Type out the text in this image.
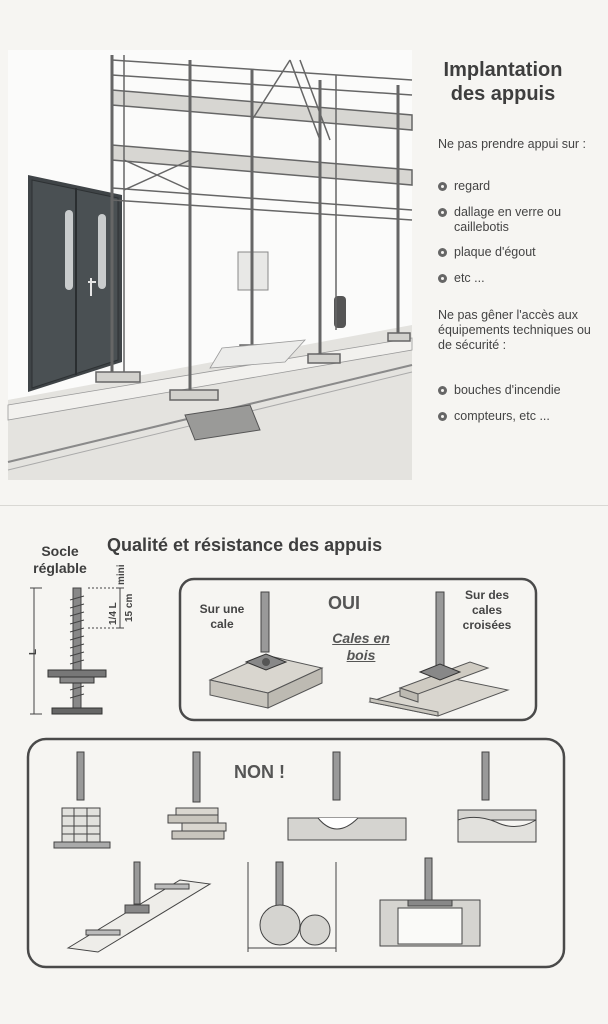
Implantation des appuis
Ne pas prendre appui sur :
regard
dallage en verre ou caillebotis
plaque d'égout
etc ...
Ne pas gêner l'accès aux équipements techniques ou de sécurité :
bouches d'incendie
compteurs, etc ...
Qualité et résistance des appuis
Socle réglable
L
1/4 L
mini
15 cm	OUI
Sur une cale
Cales en bois
Sur des cales croisées
NON !
